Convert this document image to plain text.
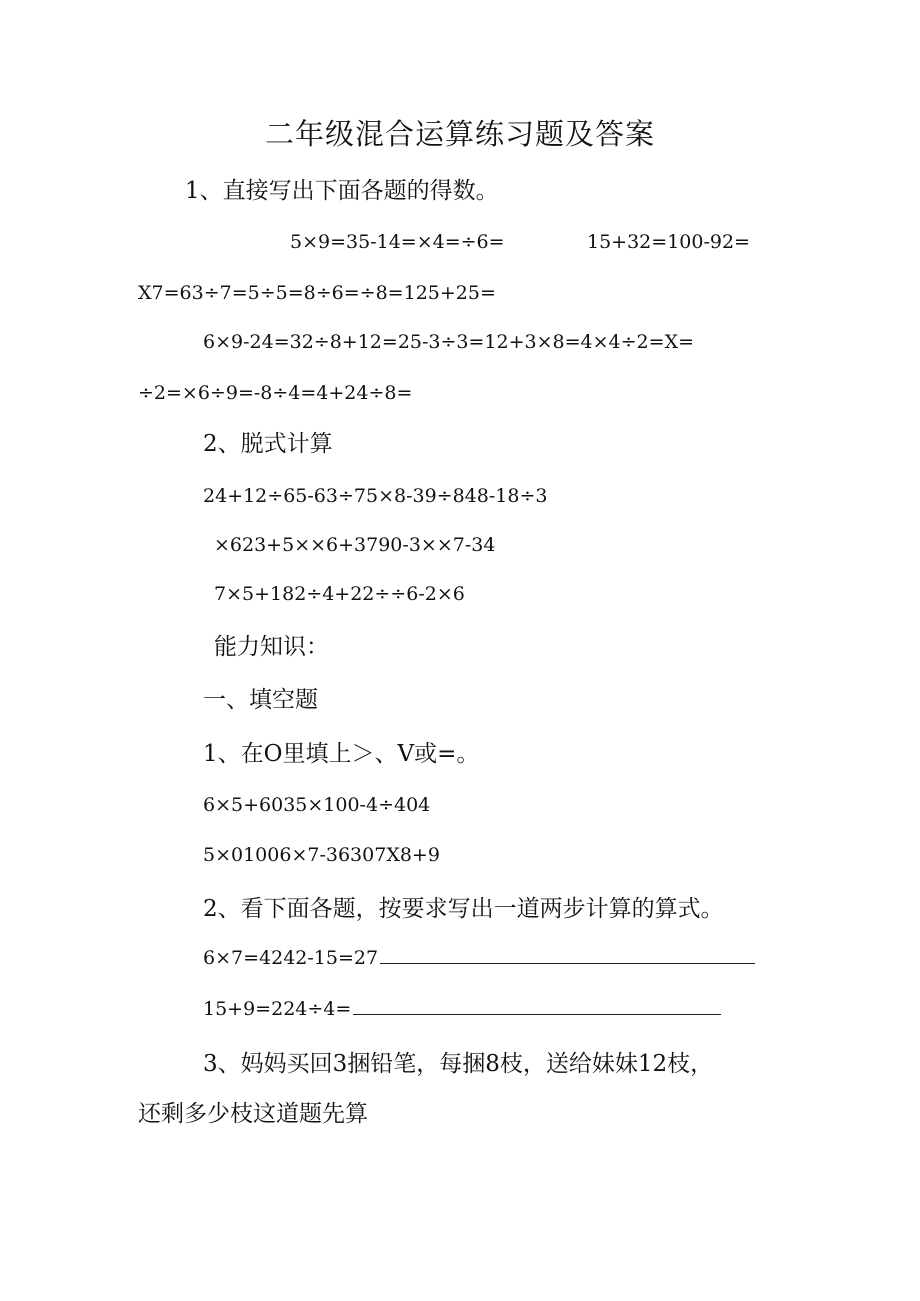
二年级混合运算练习题及答案
1、直接写出下面各题的得数。
5×9=35-14=×4=÷6=	15+32=100-92=
X7=63÷7=5÷5=8÷6=÷8=125+25=
6×9-24=32÷8+12=25-3÷3=12+3×8=4×4÷2=X=
÷2=×6÷9=-8÷4=4+24÷8=
2、脱式计算
24+12÷65-63÷75×8-39÷848-18÷3
×623+5××6+3790-3××7-34
7×5+182÷4+22÷÷6-2×6
能力知识：
一、填空题
1、在O里填上＞、V或=。
6×5+6035×100-4÷404
5×01006×7-36307X8+9
2、看下面各题，按要求写出一道两步计算的算式。
6×7=4242-15=27
15+9=224÷4=
3、妈妈买回3捆铅笔，每捆8枝，送给妹妹12枝，
还剩多少枝这道题先算
